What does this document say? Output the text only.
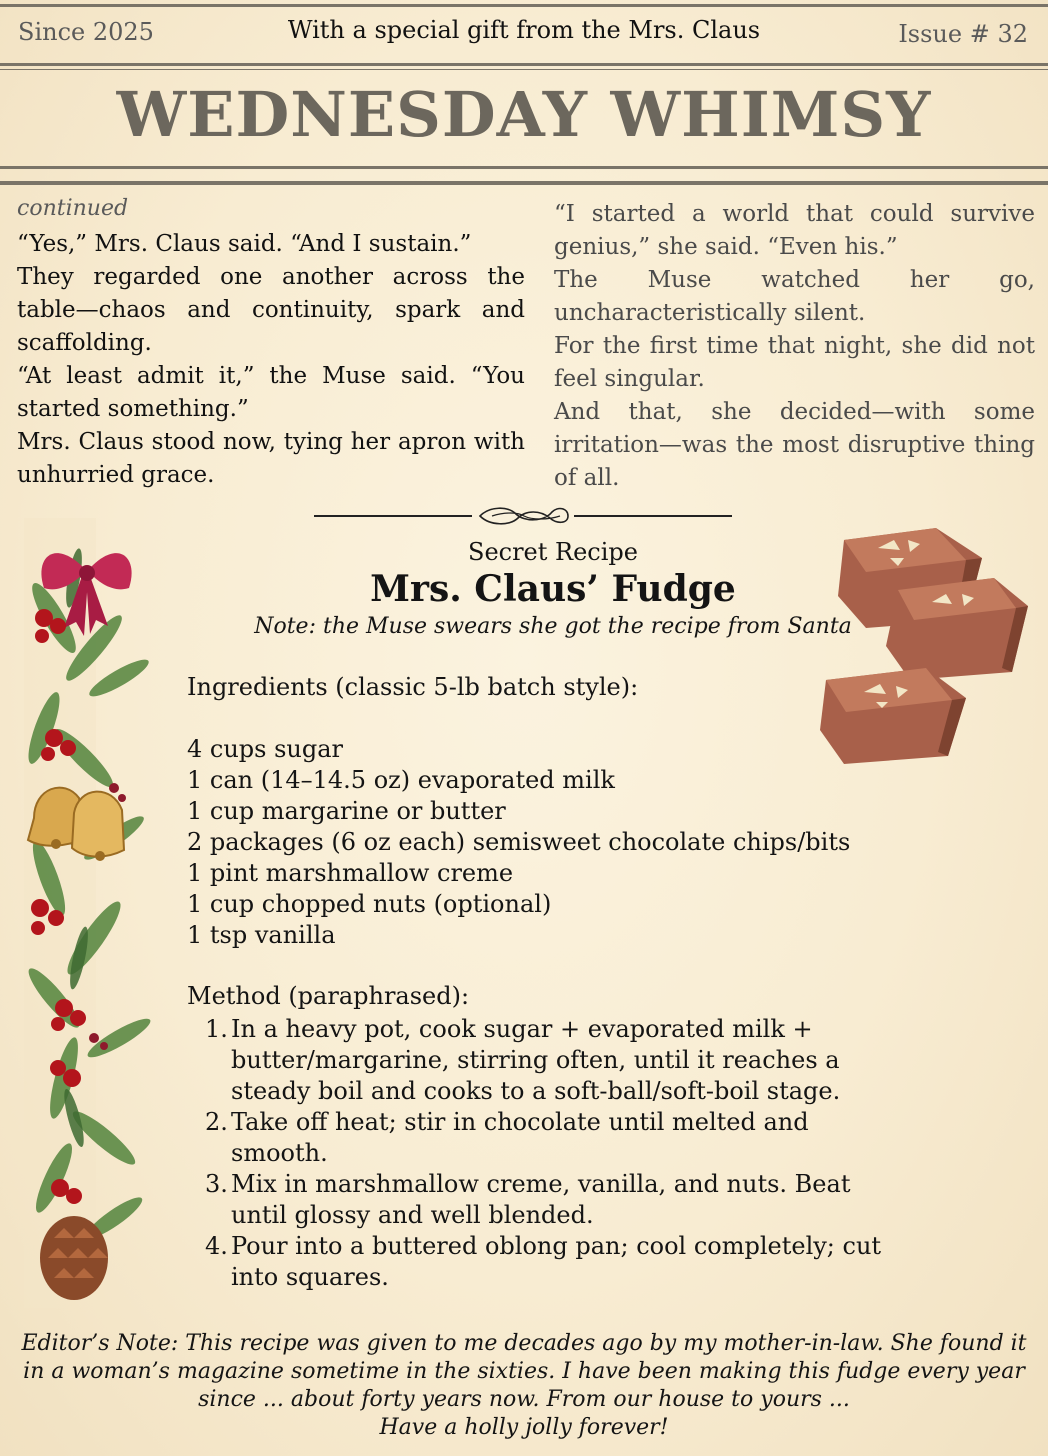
Since 2025	With a special gift from the Mrs. Claus	Issue # 32
WEDNESDAY WHIMSY

continued

“Yes,” Mrs. Claus said. “And I sustain.”

They regarded one another across the table—chaos and continuity, spark and scaffolding.

“At least admit it,” the Muse said. “You started something.”

Mrs. Claus stood now, tying her apron with unhurried grace.

“I started a world that could survive genius,” she said. “Even his.”

The Muse watched her go, uncharacteristically silent.

For the first time that night, she did not feel singular.

And that, she decided—with some irritation—was the most disruptive thing of all.

Secret Recipe
Mrs. Claus’ Fudge
Note: the Muse swears she got the recipe from Santa
Ingredients (classic 5-lb batch style):
4 cups sugar
1 can (14–14.5 oz) evaporated milk
1 cup margarine or butter
2 packages (6 oz each) semisweet chocolate chips/bits
1 pint marshmallow creme
1 cup chopped nuts (optional)
1 tsp vanilla
Method (paraphrased):
1. In a heavy pot, cook sugar + evaporated milk +
butter/margarine, stirring often, until it reaches a
steady boil and cooks to a soft-ball/soft-boil stage.
2. Take off heat; stir in chocolate until melted and
smooth.
3. Mix in marshmallow creme, vanilla, and nuts. Beat
until glossy and well blended.
4. Pour into a buttered oblong pan; cool completely; cut
into squares.
Editor’s Note: This recipe was given to me decades ago by my mother-in-law. She found it
in a woman’s magazine sometime in the sixties. I have been making this fudge every year
since ... about forty years now. From our house to yours ...
Have a holly jolly forever!
